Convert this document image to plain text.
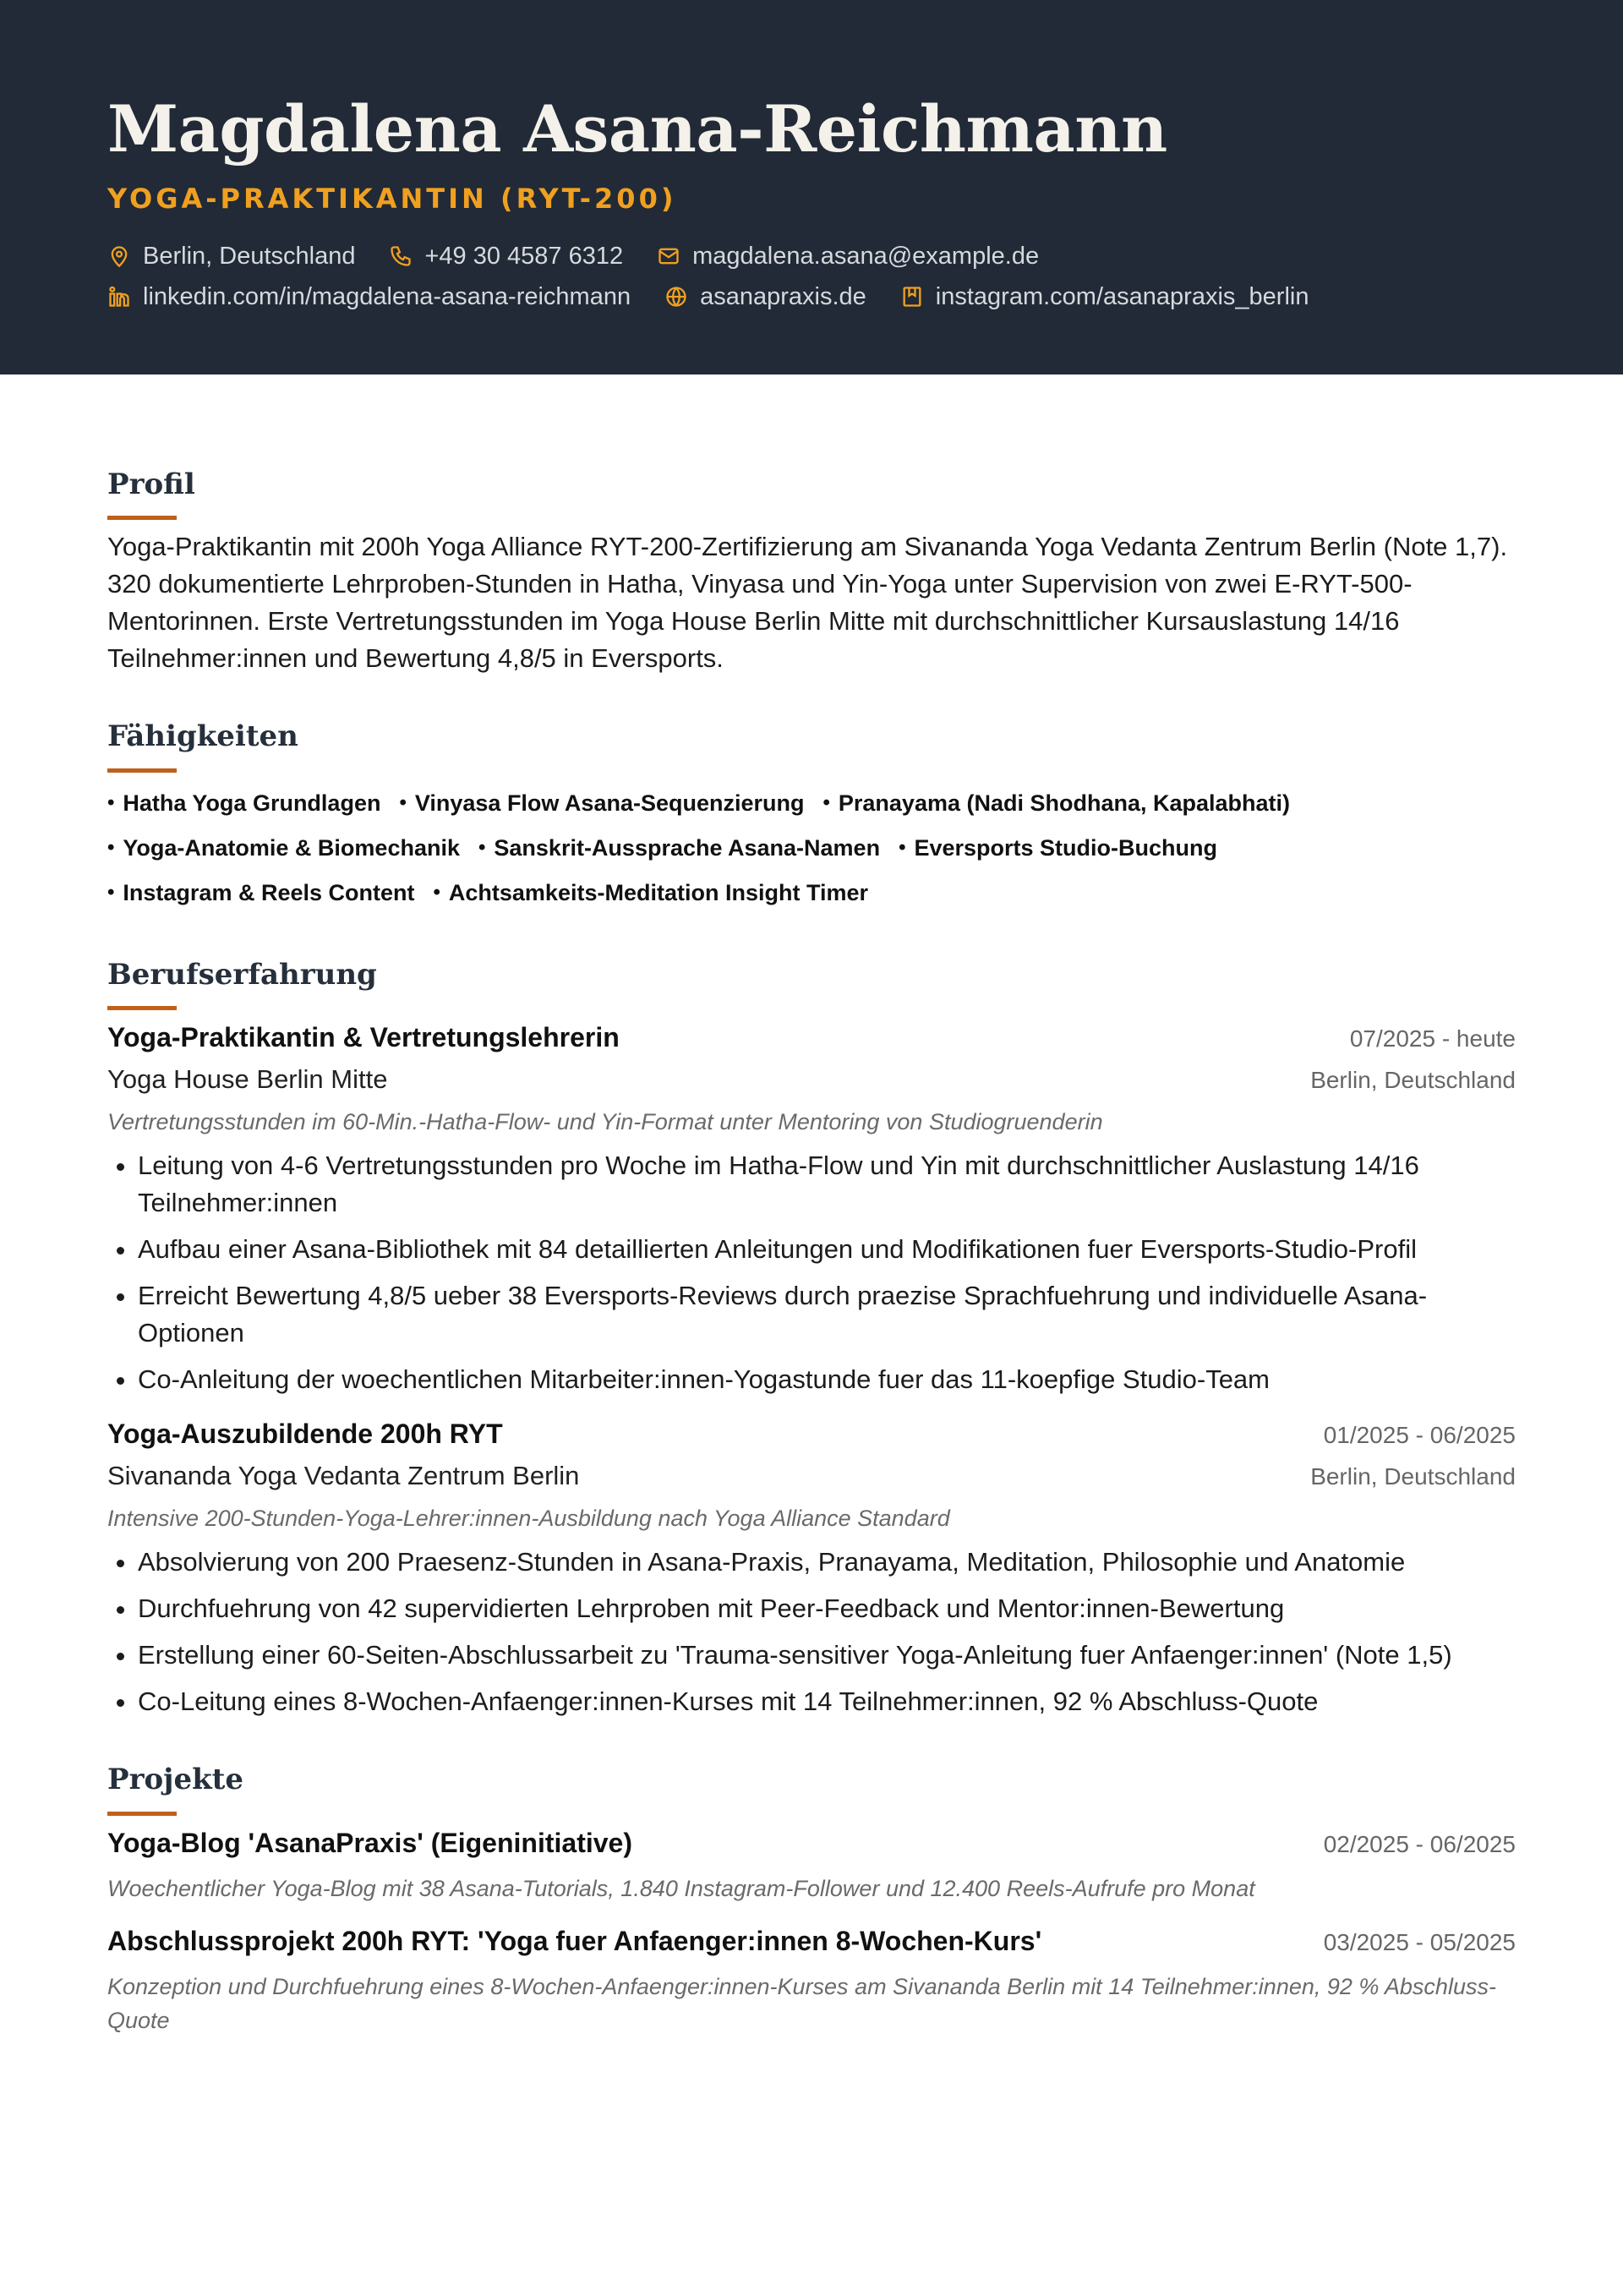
Magdalena Asana-Reichmann
YOGA-PRAKTIKANTIN (RYT-200)
Berlin, Deutschland	+49 30 4587 6312	magdalena.asana@example.de
linkedin.com/in/magdalena-asana-reichmann	asanapraxis.de	instagram.com/asanapraxis_berlin
Profil

Yoga-Praktikantin mit 200h Yoga Alliance RYT-200-Zertifizierung am Sivananda Yoga Vedanta Zentrum Berlin (Note 1,7). 320 dokumentierte Lehrproben-Stunden in Hatha, Vinyasa und Yin-Yoga unter Supervision von zwei E-RYT-500-Mentorinnen. Erste Vertretungsstunden im Yoga House Berlin Mitte mit durchschnittlicher Kursauslastung 14/16 Teilnehmer:innen und Bewertung 4,8/5 in Eversports.

Fähigkeiten
• Hatha Yoga Grundlagen	• Vinyasa Flow Asana-Sequenzierung	• Pranayama (Nadi Shodhana, Kapalabhati)
• Yoga-Anatomie & Biomechanik	• Sanskrit-Aussprache Asana-Namen	• Eversports Studio-Buchung
• Instagram & Reels Content	• Achtsamkeits-Meditation Insight Timer
Berufserfahrung
Yoga-Praktikantin & Vertretungslehrerin	07/2025 - heute
Yoga House Berlin Mitte	Berlin, Deutschland
Vertretungsstunden im 60-Min.-Hatha-Flow- und Yin-Format unter Mentoring von Studiogruenderin
• Leitung von 4-6 Vertretungsstunden pro Woche im Hatha-Flow und Yin mit durchschnittlicher Auslastung 14/16 Teilnehmer:innen
• Aufbau einer Asana-Bibliothek mit 84 detaillierten Anleitungen und Modifikationen fuer Eversports-Studio-Profil
• Erreicht Bewertung 4,8/5 ueber 38 Eversports-Reviews durch praezise Sprachfuehrung und individuelle Asana-Optionen
• Co-Anleitung der woechentlichen Mitarbeiter:innen-Yogastunde fuer das 11-koepfige Studio-Team
Yoga-Auszubildende 200h RYT	01/2025 - 06/2025
Sivananda Yoga Vedanta Zentrum Berlin	Berlin, Deutschland
Intensive 200-Stunden-Yoga-Lehrer:innen-Ausbildung nach Yoga Alliance Standard
• Absolvierung von 200 Praesenz-Stunden in Asana-Praxis, Pranayama, Meditation, Philosophie und Anatomie
• Durchfuehrung von 42 supervidierten Lehrproben mit Peer-Feedback und Mentor:innen-Bewertung
• Erstellung einer 60-Seiten-Abschlussarbeit zu 'Trauma-sensitiver Yoga-Anleitung fuer Anfaenger:innen' (Note 1,5)
• Co-Leitung eines 8-Wochen-Anfaenger:innen-Kurses mit 14 Teilnehmer:innen, 92 % Abschluss-Quote
Projekte
Yoga-Blog 'AsanaPraxis' (Eigeninitiative)	02/2025 - 06/2025
Woechentlicher Yoga-Blog mit 38 Asana-Tutorials, 1.840 Instagram-Follower und 12.400 Reels-Aufrufe pro Monat
Abschlussprojekt 200h RYT: 'Yoga fuer Anfaenger:innen 8-Wochen-Kurs'	03/2025 - 05/2025
Konzeption und Durchfuehrung eines 8-Wochen-Anfaenger:innen-Kurses am Sivananda Berlin mit 14 Teilnehmer:innen, 92 % Abschluss-Quote
